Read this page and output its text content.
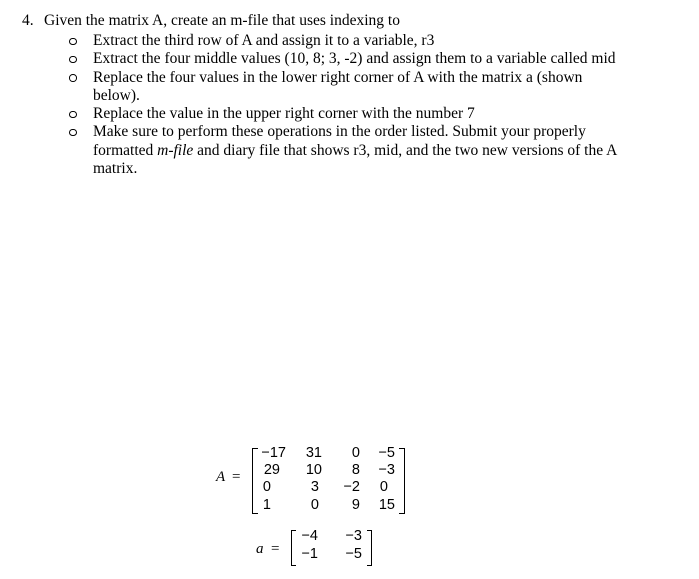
4. Given the matrix A, create an m-file that uses indexing to
Extract the third row of A and assign it to a variable, r3
Extract the four middle values (10, 8; 3, -2) and assign them to a variable called mid
Replace the four values in the lower right corner of A with the matrix a (shown below).
Replace the value in the upper right corner with the number 7
Make sure to perform these operations in the order listed. Submit your properly formatted m-file and diary file that shows r3, mid, and the two new versions of the A matrix.
A =
−17	31	0	−5
29	10	8	−3
0	3	−2	0
1	0	9	15
a =
−4	−3
−1	−5
